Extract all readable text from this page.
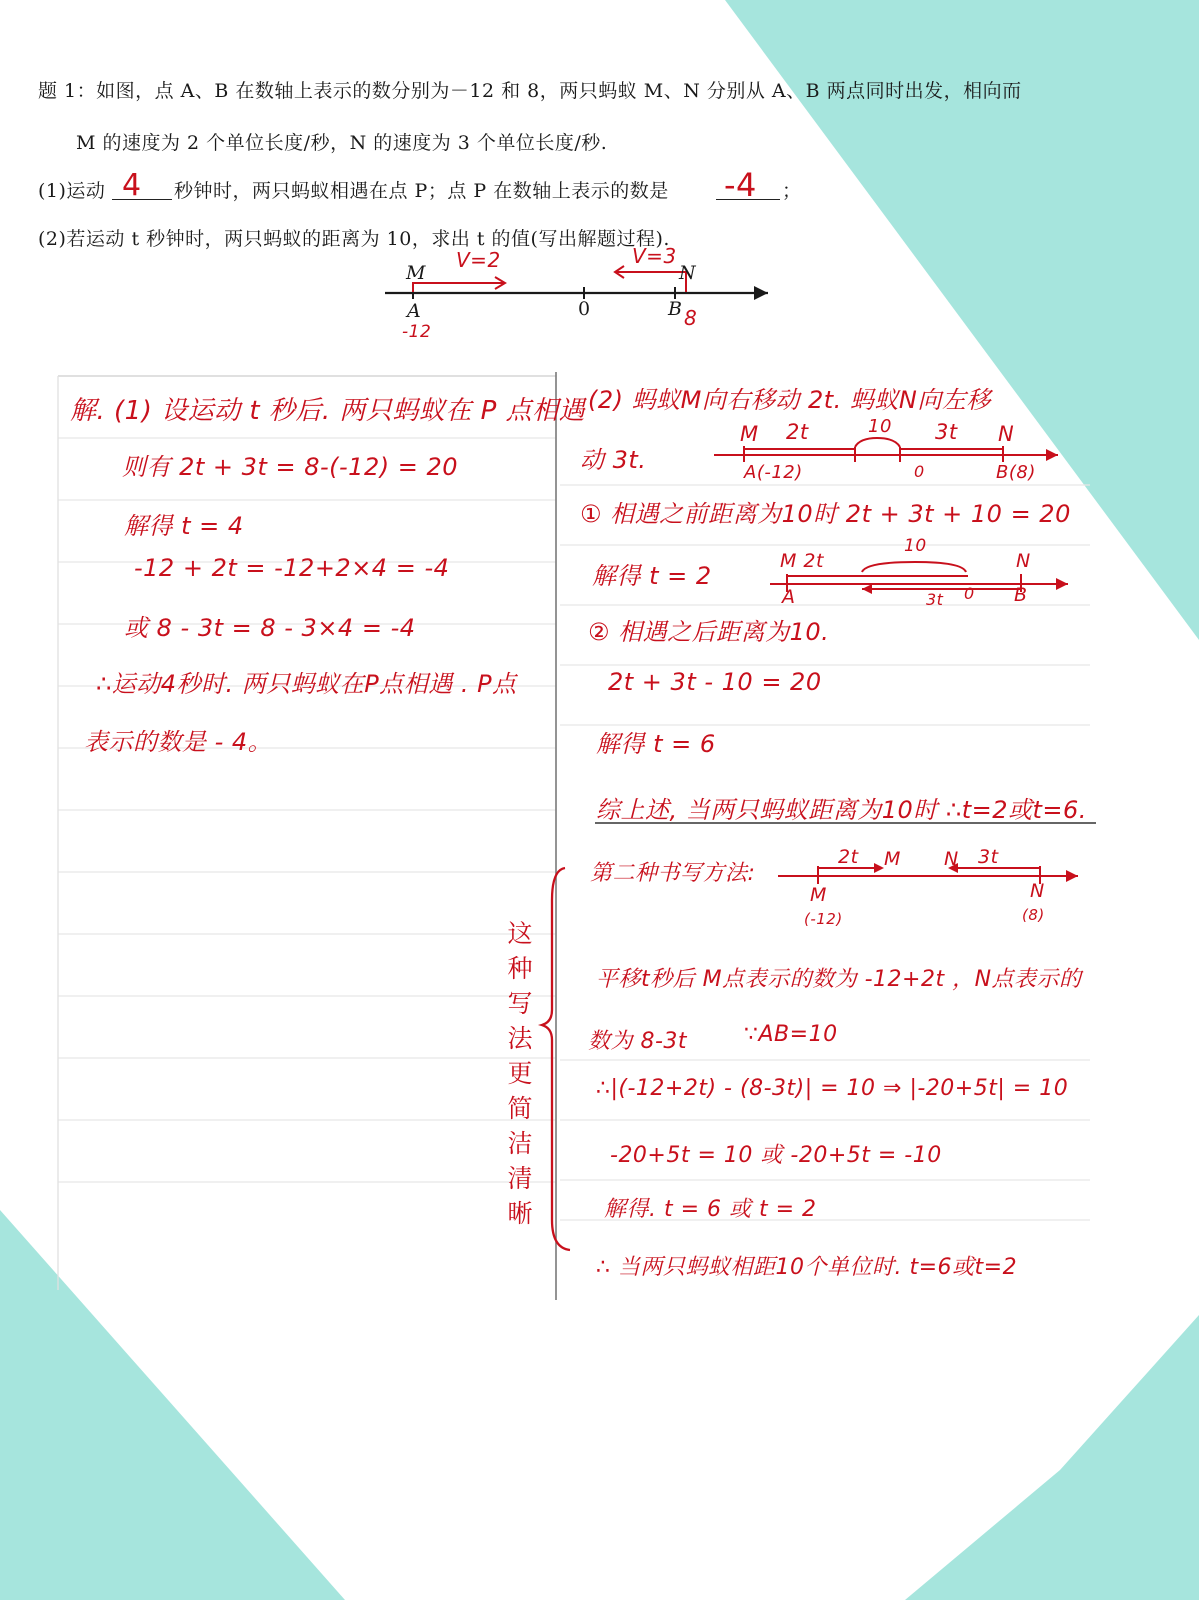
题 1：如图，点 A、B 在数轴上表示的数分别为－12 和 8，两只蚂蚁 M、N 分别从 A、B 两点同时出发，相向而
M 的速度为 2 个单位长度/秒，N 的速度为 3 个单位长度/秒.
(1)运动 4 秒钟时，两只蚂蚁相遇在点 P；点 P 在数轴上表示的数是 -4 ；
(2)若运动 t 秒钟时，两只蚂蚁的距离为 10，求出 t 的值(写出解题过程).
M
V=2	V=3
N
A	0	B
-12
8
解. (1) 设运动 t 秒后. 两只蚂蚁在 P 点相遇
则有 2t + 3t = 8-(-12) = 20
解得 t = 4
-12 + 2t = -12+2×4 = -4
或 8 - 3t = 8 - 3×4 = -4
∴运动4秒时. 两只蚂蚁在P点相遇 . P点
表示的数是 - 4。
(2) 蚂蚁M向右移动 2t. 蚂蚁N向左移
动 3t.
M 2t	10 3t N
A(-12)	0	B(8)
① 相遇之前距离为10时 2t + 3t + 10 = 20
解得 t = 2
M 2t
10
N
A	3t 0 B
② 相遇之后距离为10.
2t + 3t - 10 = 20
解得 t = 6
综上述, 当两只蚂蚁距离为10时 ∴t=2或t=6.
第二种书写方法:
2t M N 3t
M
(-12)
N
(8)
平移t秒后 M点表示的数为 -12+2t ，N点表示的
数为 8-3t	∵AB=10
∴|(-12+2t) - (8-3t)| = 10 ⇒ |-20+5t| = 10
-20+5t = 10 或 -20+5t = -10
解得. t = 6 或 t = 2
∴ 当两只蚂蚁相距10个单位时. t=6或t=2
这种写法更简洁清晰
